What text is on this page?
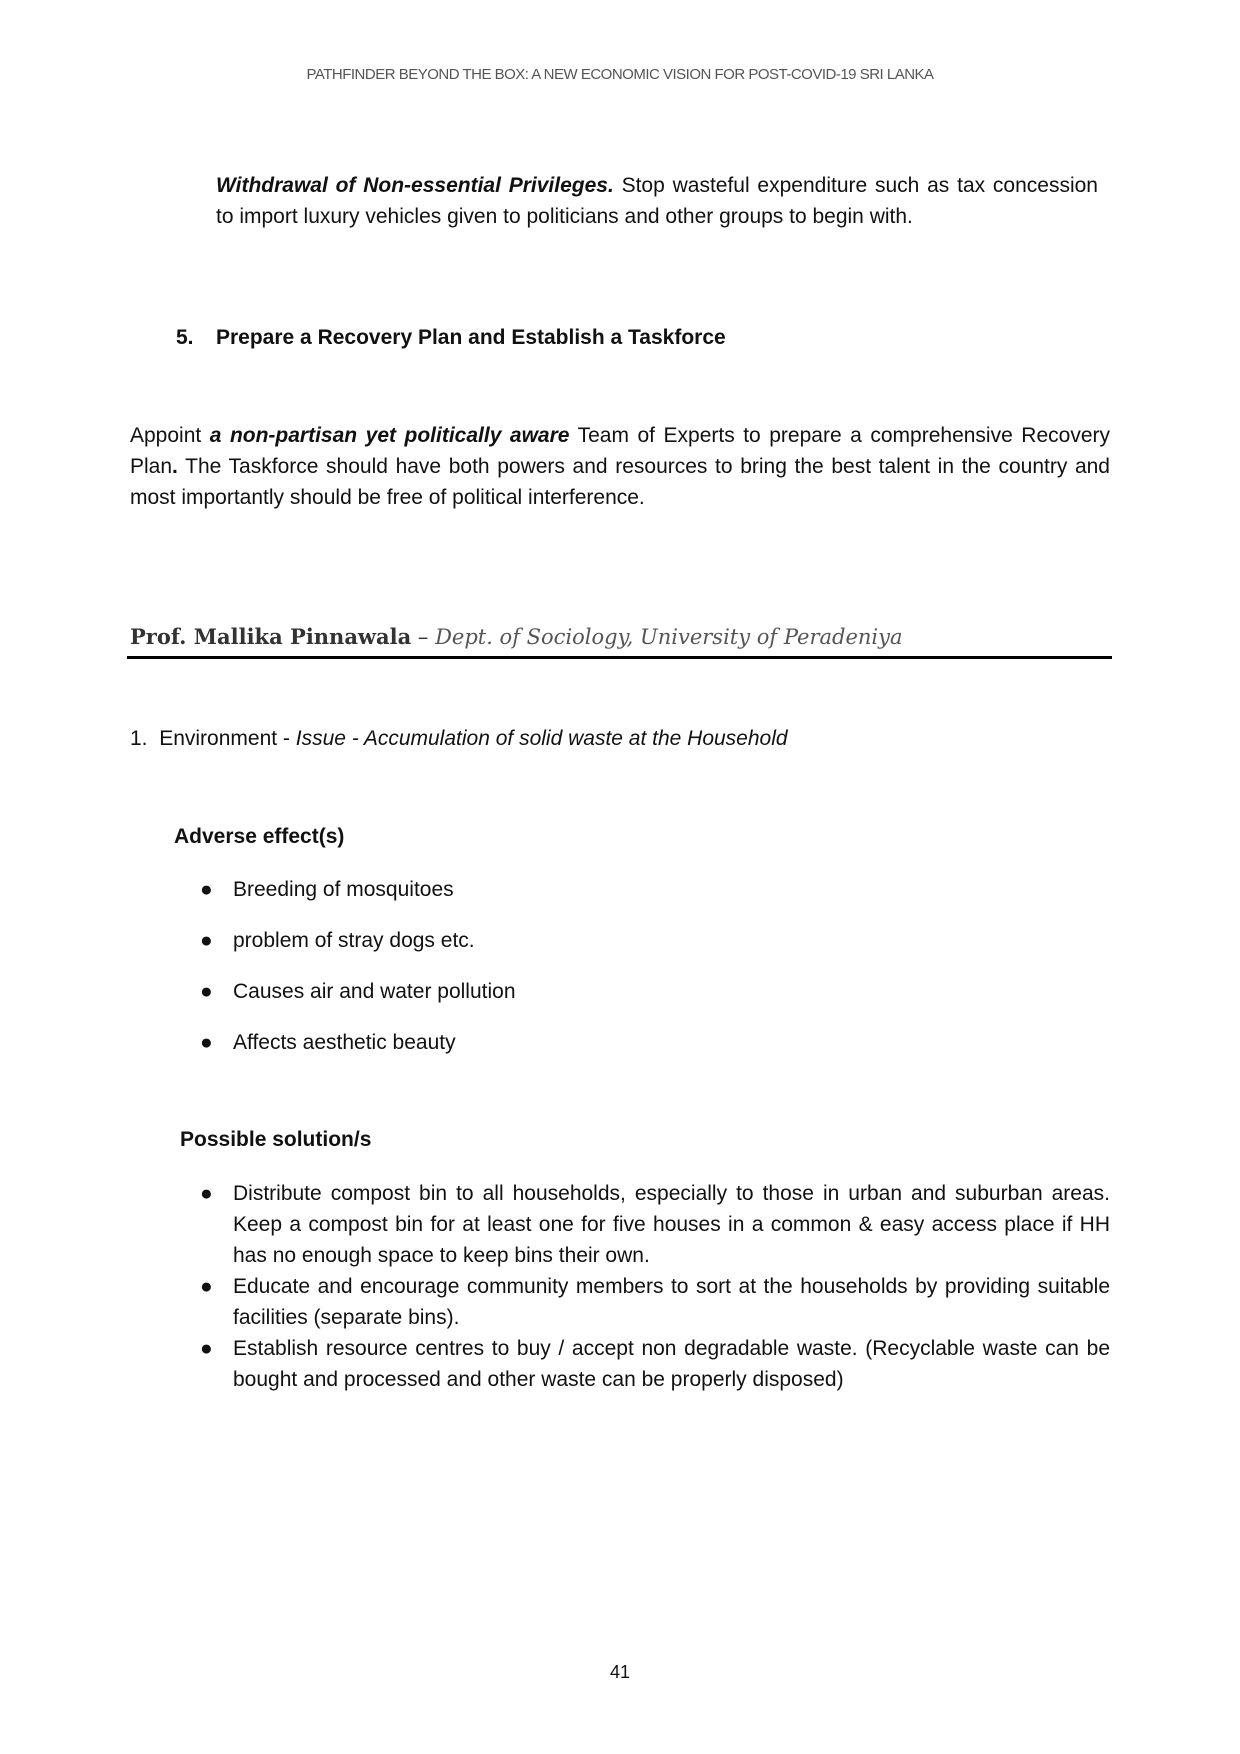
PATHFINDER BEYOND THE BOX: A NEW ECONOMIC VISION FOR POST-COVID-19 SRI LANKA
Withdrawal of Non-essential Privileges. Stop wasteful expenditure such as tax concession to import luxury vehicles given to politicians and other groups to begin with.
5. Prepare a Recovery Plan and Establish a Taskforce
Appoint a non-partisan yet politically aware Team of Experts to prepare a comprehensive Recovery Plan. The Taskforce should have both powers and resources to bring the best talent in the country and most importantly should be free of political interference.
Prof. Mallika Pinnawala – Dept. of Sociology, University of Peradeniya
1. Environment - Issue - Accumulation of solid waste at the Household
Adverse effect(s)
● Breeding of mosquitoes
● problem of stray dogs etc.
● Causes air and water pollution
● Affects aesthetic beauty
Possible solution/s
● Distribute compost bin to all households, especially to those in urban and suburban areas. Keep a compost bin for at least one for five houses in a common & easy access place if HH has no enough space to keep bins their own.
● Educate and encourage community members to sort at the households by providing suitable facilities (separate bins).
● Establish resource centres to buy / accept non degradable waste. (Recyclable waste can be bought and processed and other waste can be properly disposed)
41
